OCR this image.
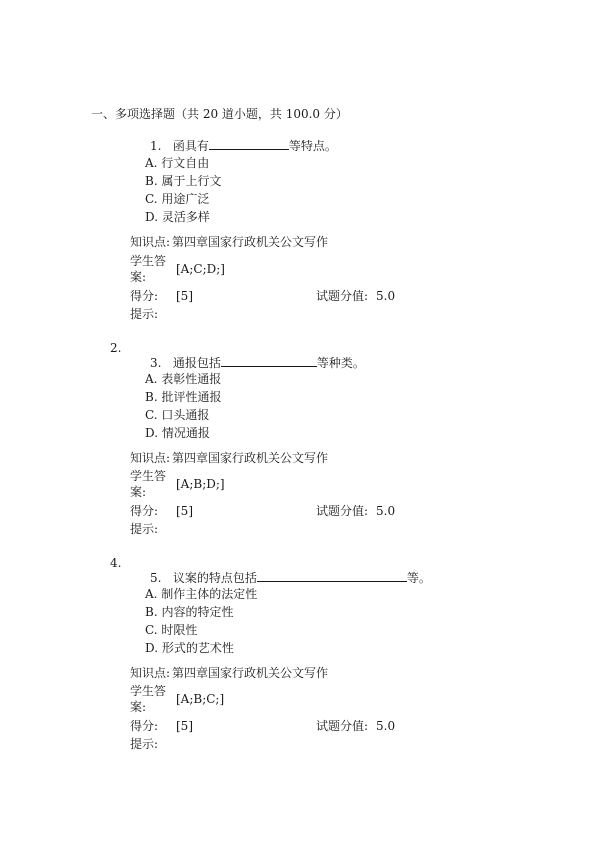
一、多项选择题（共 20 道小题，共 100.0 分）
1. 函具有	等特点。
A. 行文自由
B. 属于上行文
C. 用途广泛
D. 灵活多样
知识点: 第四章国家行政机关公文写作
学生答
[A;C;D;]
案:
得分: [5]	试题分值: 5.0
提示:
2.
3. 通报包括	等种类。
A. 表彰性通报
B. 批评性通报
C. 口头通报
D. 情况通报
知识点: 第四章国家行政机关公文写作
学生答
[A;B;D;]
案:
得分: [5]	试题分值: 5.0
提示:
4.
5. 议案的特点包括	等。
A. 制作主体的法定性
B. 内容的特定性
C. 时限性
D. 形式的艺术性
知识点: 第四章国家行政机关公文写作
学生答
[A;B;C;]
案:
得分: [5]	试题分值: 5.0
提示:
